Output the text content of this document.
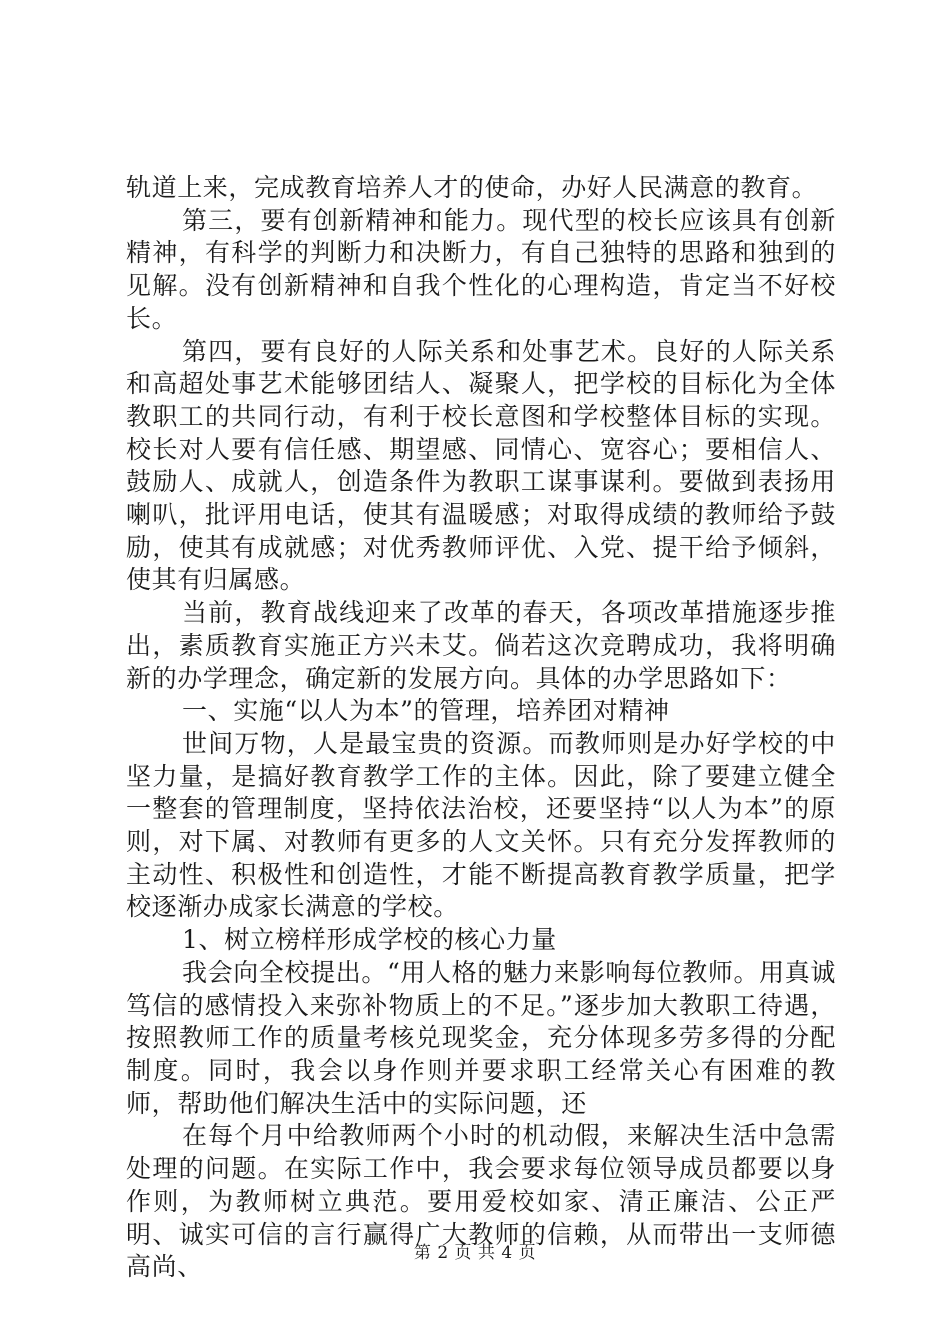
轨道上来，完成教育培养人才的使命，办好人民满意的教育。

第三，要有创新精神和能力。现代型的校长应该具有创新精神，有科学的判断力和决断力，有自己独特的思路和独到的见解。没有创新精神和自我个性化的心理构造，肯定当不好校长。

第四，要有良好的人际关系和处事艺术。良好的人际关系和高超处事艺术能够团结人、凝聚人，把学校的目标化为全体教职工的共同行动，有利于校长意图和学校整体目标的实现。校长对人要有信任感、期望感、同情心、宽容心；要相信人、鼓励人、成就人，创造条件为教职工谋事谋利。要做到表扬用喇叭，批评用电话，使其有温暖感；对取得成绩的教师给予鼓励，使其有成就感；对优秀教师评优、入党、提干给予倾斜，使其有归属感。

当前，教育战线迎来了改革的春天，各项改革措施逐步推出，素质教育实施正方兴未艾。倘若这次竞聘成功，我将明确新的办学理念，确定新的发展方向。具体的办学思路如下：

一、实施“以人为本”的管理，培养团对精神

世间万物，人是最宝贵的资源。而教师则是办好学校的中坚力量，是搞好教育教学工作的主体。因此，除了要建立健全一整套的管理制度，坚持依法治校，还要坚持“以人为本”的原则，对下属、对教师有更多的人文关怀。只有充分发挥教师的主动性、积极性和创造性，才能不断提高教育教学质量，把学校逐渐办成家长满意的学校。

1、树立榜样形成学校的核心力量

我会向全校提出。“用人格的魅力来影响每位教师。用真诚笃信的感情投入来弥补物质上的不足。”逐步加大教职工待遇，按照教师工作的质量考核兑现奖金，充分体现多劳多得的分配制度。同时，我会以身作则并要求职工经常关心有困难的教师，帮助他们解决生活中的实际问题，还

在每个月中给教师两个小时的机动假，来解决生活中急需处理的问题。在实际工作中，我会要求每位领导成员都要以身作则，为教师树立典范。要用爱校如家、清正廉洁、公正严明、诚实可信的言行赢得广大教师的信赖，从而带出一支师德高尚、	第 2 页 共 4 页
